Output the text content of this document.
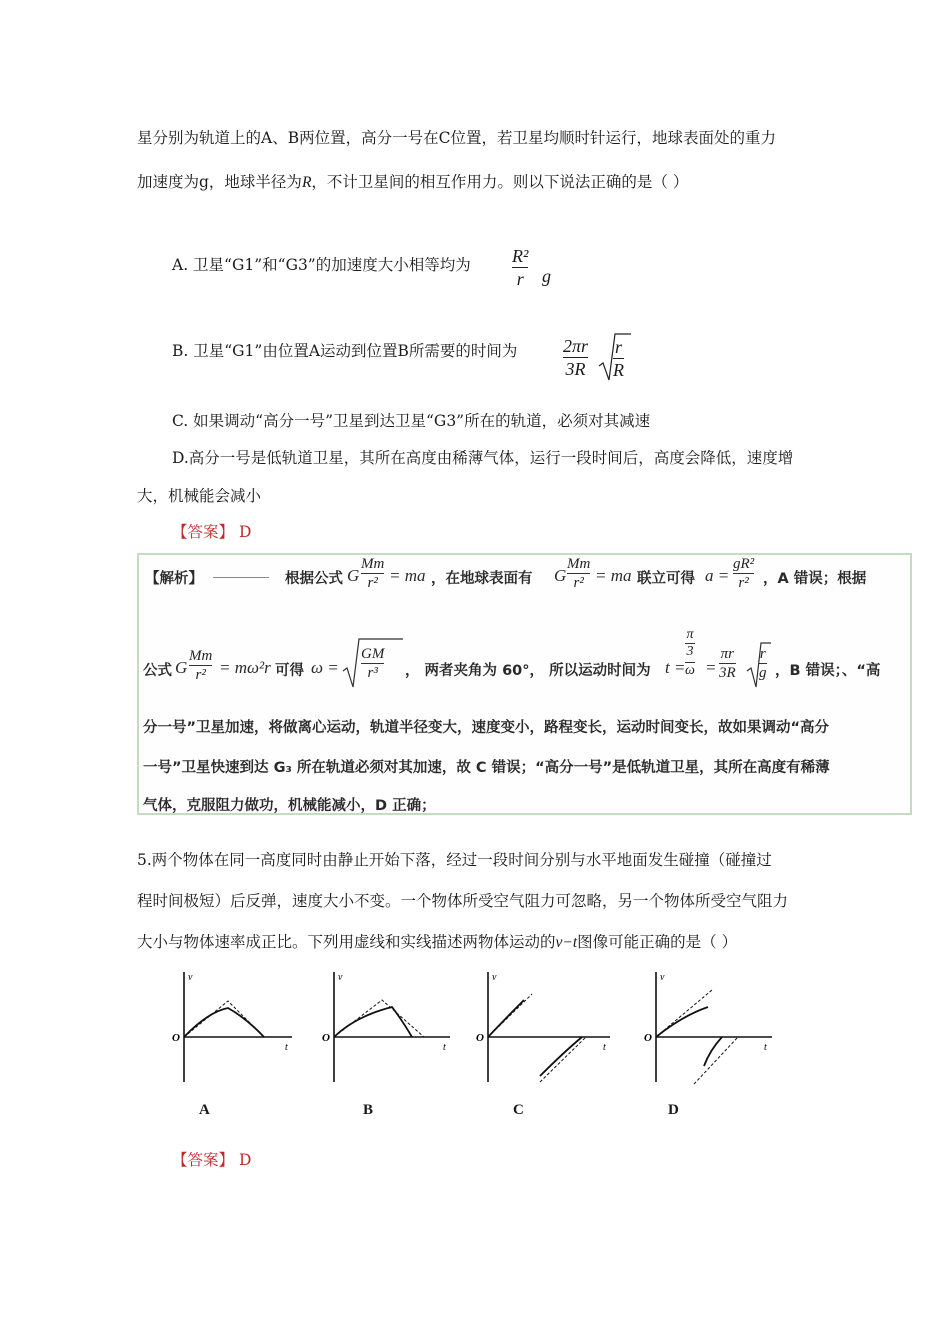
星分别为轨道上的A、B两位置，高分一号在C位置，若卫星均顺时针运行，地球表面处的重力
加速度为g，地球半径为R，不计卫星间的相互作用力。则以下说法正确的是（ ）
A. 卫星“G1”和“G3”的加速度大小相等均为 R²
r g
B. 卫星“G1”由位置A运动到位置B所需要的时间为	2πr
3R
r
R
C. 如果调动“高分一号”卫星到达卫星“G3”所在的轨道，必须对其减速
D.高分一号是低轨道卫星，其所在高度由稀薄气体，运行一段时间后，高度会降低，速度增
大，机械能会减小
【答案】 D
【解析】	根据公式 G
Mm
r² = ma ，在地球表面有 G
Mm
r² = ma 联立可得 a =
gR²
r² ，A 错误；根据
公式 G
Mm
r² = mω²r 可得 ω =
GM
r³ ， 两者夹角为 60°， 所以运动时间为 t =
π
3
ω =
πr
3R
r
g ，B 错误；、“高
分一号”卫星加速，将做离心运动，轨道半径变大，速度变小，路程变长，运动时间变长，故如果调动“高分
一号”卫星快速到达 G₃ 所在轨道必须对其加速，故 C 错误；“高分一号”是低轨道卫星，其所在高度有稀薄
气体，克服阻力做功，机械能减小，D 正确；
5.两个物体在同一高度同时由静止开始下落，经过一段时间分别与水平地面发生碰撞（碰撞过
程时间极短）后反弹，速度大小不变。一个物体所受空气阻力可忽略，另一个物体所受空气阻力
大小与物体速率成正比。下列用虚线和实线描述两物体运动的v−t图像可能正确的是（ ）
v
t
O
A
v
t
O
B
v
t
O
C
v
t
O
D
【答案】 D
